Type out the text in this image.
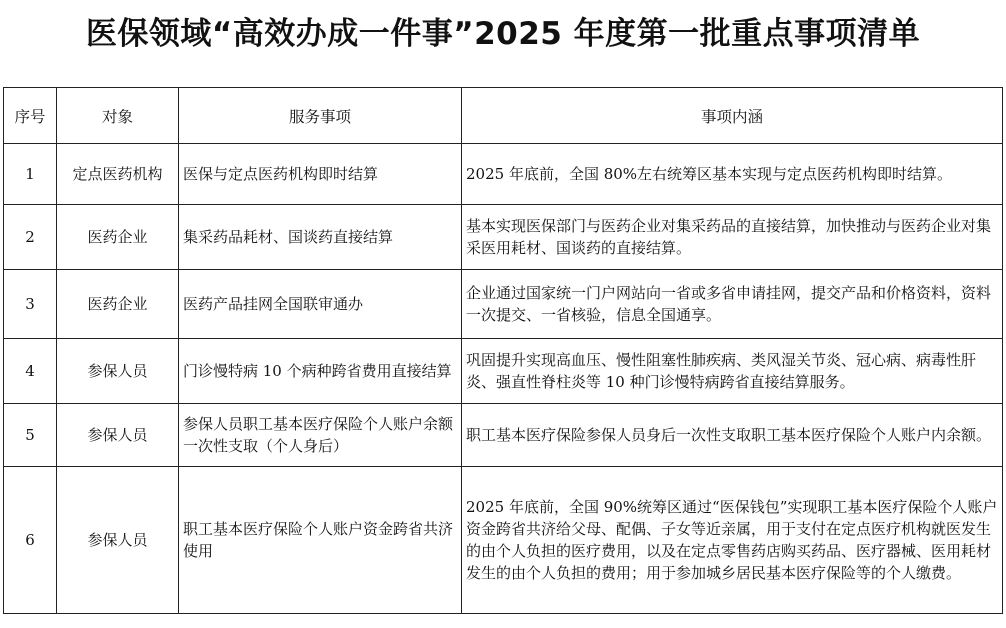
医保领域“高效办成一件事”2025 年度第一批重点事项清单
序号	对象	服务事项	事项内涵
1	定点医药机构	医保与定点医药机构即时结算	2025 年底前，全国 80%左右统筹区基本实现与定点医药机构即时结算。
2	医药企业	集采药品耗材、国谈药直接结算	基本实现医保部门与医药企业对集采药品的直接结算，加快推动与医药企业对集采医用耗材、国谈药的直接结算。
3	医药企业	医药产品挂网全国联审通办	企业通过国家统一门户网站向一省或多省申请挂网，提交产品和价格资料，资料一次提交、一省核验，信息全国通享。
4	参保人员	门诊慢特病 10 个病种跨省费用直接结算	巩固提升实现高血压、慢性阻塞性肺疾病、类风湿关节炎、冠心病、病毒性肝炎、强直性脊柱炎等 10 种门诊慢特病跨省直接结算服务。
5	参保人员	参保人员职工基本医疗保险个人账户余额一次性支取（个人身后）	职工基本医疗保险参保人员身后一次性支取职工基本医疗保险个人账户内余额。
6	参保人员	职工基本医疗保险个人账户资金跨省共济使用	2025 年底前，全国 90%统筹区通过“医保钱包”实现职工基本医疗保险个人账户资金跨省共济给父母、配偶、子女等近亲属，用于支付在定点医疗机构就医发生的由个人负担的医疗费用，以及在定点零售药店购买药品、医疗器械、医用耗材发生的由个人负担的费用；用于参加城乡居民基本医疗保险等的个人缴费。
